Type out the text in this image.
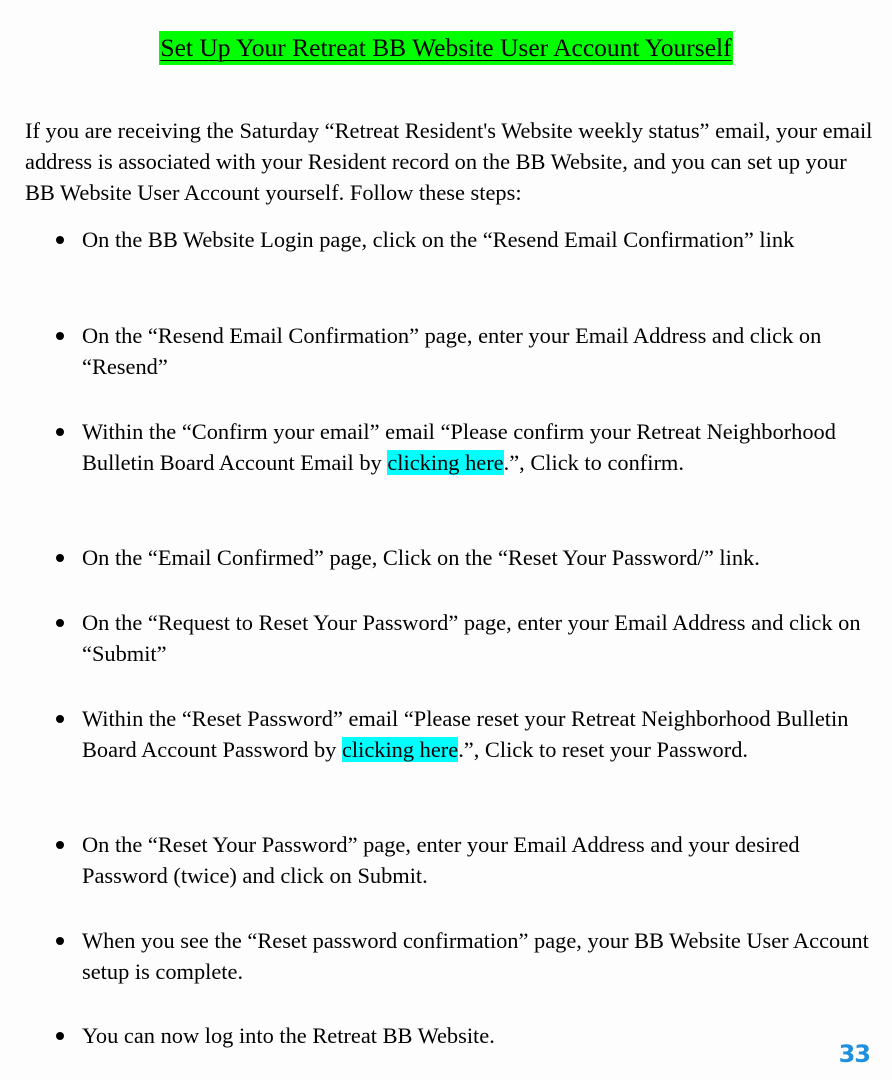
Set Up Your Retreat BB Website User Account Yourself

If you are receiving the Saturday “Retreat Resident's Website weekly status” email, your email address is associated with your Resident record on the BB Website, and you can set up your BB Website User Account yourself. Follow these steps:

On the BB Website Login page, click on the “Resend Email Confirmation” link
On the “Resend Email Confirmation” page, enter your Email Address and click on “Resend”
Within the “Confirm your email” email “Please confirm your Retreat Neighborhood Bulletin Board Account Email by clicking here.”, Click to confirm.
On the “Email Confirmed” page, Click on the “Reset Your Password/” link.
On the “Request to Reset Your Password” page, enter your Email Address and click on “Submit”
Within the “Reset Password” email “Please reset your Retreat Neighborhood Bulletin Board Account Password by clicking here.”, Click to reset your Password.
On the “Reset Your Password” page, enter your Email Address and your desired Password (twice) and click on Submit.
When you see the “Reset password confirmation” page, your BB Website User Account setup is complete.
You can now log into the Retreat BB Website.
33
